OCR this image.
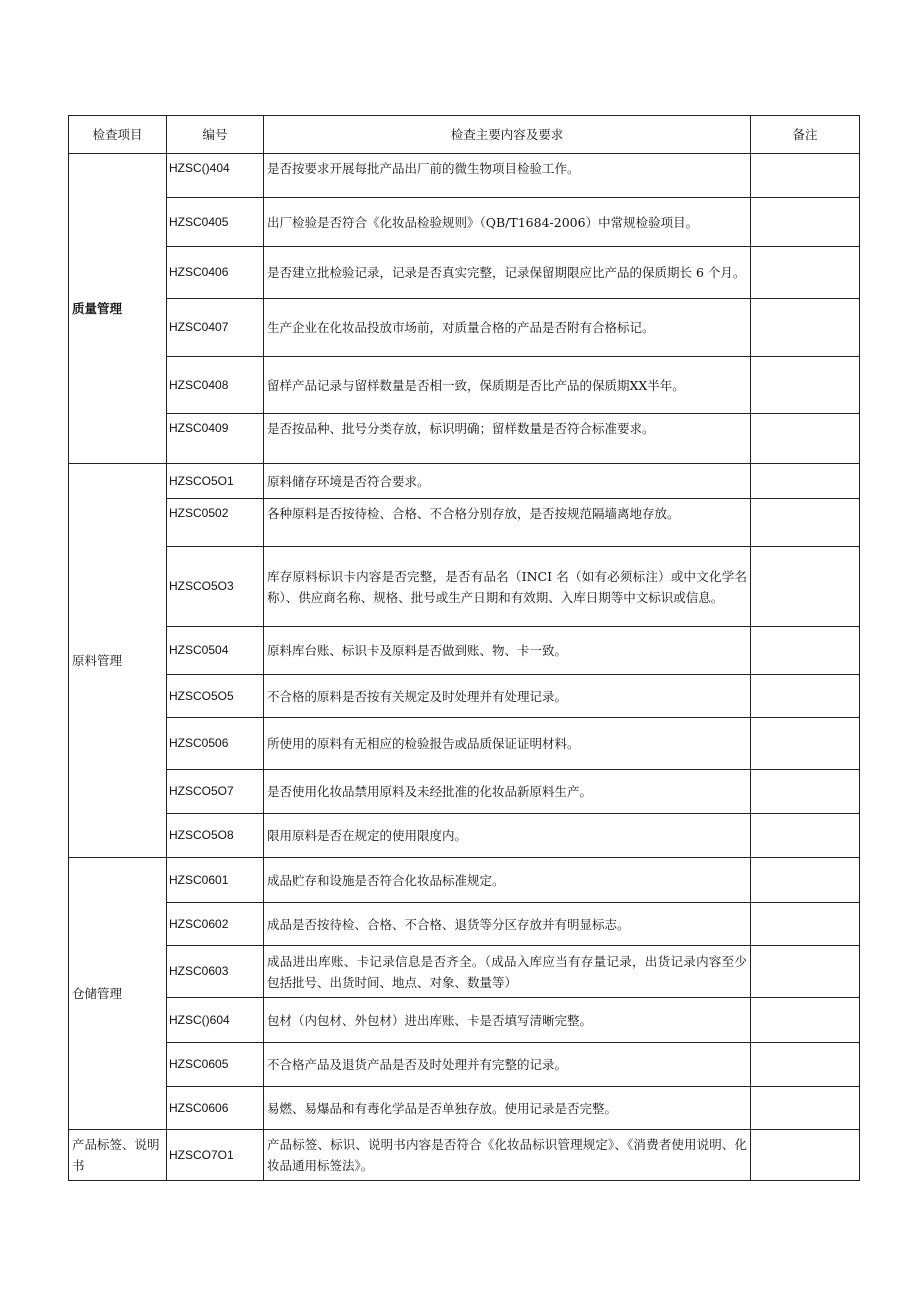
检查项目	编号	检查主要内容及要求	备注
质量管理	HZSC()404	是否按要求开展每批产品出厂前的微生物项目检验工作。	
	HZSC0405	出厂检验是否符合《化妆品检验规则》（QB/T1684-2006）中常规检验项目。	
	HZSC0406	是否建立批检验记录，记录是否真实完整，记录保留期限应比产品的保质期长 6 个月。	
	HZSC0407	生产企业在化妆品投放市场前，对质量合格的产品是否附有合格标记。	
	HZSC0408	留样产品记录与留样数量是否相一致，保质期是否比产品的保质期XX半年。	
	HZSC0409	是否按品种、批号分类存放，标识明确；留样数量是否符合标准要求。	
原料管理	HZSCO5O1	原料储存环境是否符合要求。	
	HZSC0502	各种原料是否按待检、合格、不合格分别存放，是否按规范隔墙离地存放。	
	HZSCO5O3	库存原料标识卡内容是否完整，是否有品名（INCI 名（如有必须标注）或中文化学名称）、供应商名称、规格、批号或生产日期和有效期、入库日期等中文标识或信息。	
	HZSC0504	原料库台账、标识卡及原料是否做到账、物、卡一致。	
	HZSCO5O5	不合格的原料是否按有关规定及时处理并有处理记录。	
	HZSC0506	所使用的原料有无相应的检验报告或品质保证证明材料。	
	HZSCO5O7	是否使用化妆品禁用原料及未经批准的化妆品新原料生产。	
	HZSCO5O8	限用原料是否在规定的使用限度内。	
仓储管理	HZSC0601	成品贮存和设施是否符合化妆品标准规定。	
	HZSC0602	成品是否按待检、合格、不合格、退货等分区存放并有明显标志。	
	HZSC0603	成品进出库账、卡记录信息是否齐全。（成品入库应当有存量记录，出货记录内容至少包括批号、出货时间、地点、对象、数量等）	
	HZSC()604	包材（内包材、外包材）进出库账、卡是否填写清晰完整。	
	HZSC0605	不合格产品及退货产品是否及时处理并有完整的记录。	
	HZSC0606	易燃、易爆品和有毒化学品是否单独存放。使用记录是否完整。	
产品标签、说明书	HZSCO7O1	产品标签、标识、说明书内容是否符合《化妆品标识管理规定》、《消费者使用说明、化妆品通用标签法》。	
